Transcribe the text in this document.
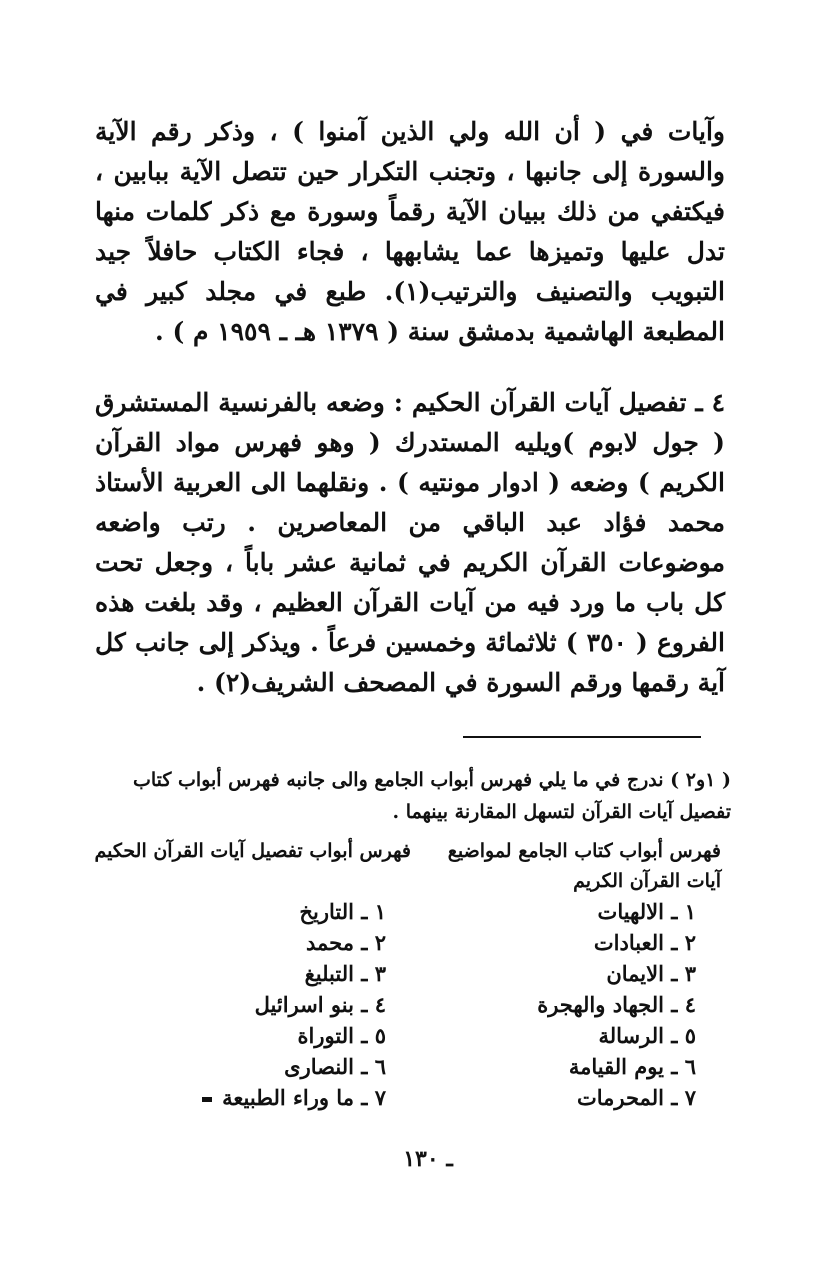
وآيات في ( أن الله ولي الذين آمنوا ) ، وذكر رقم الآية والسورة إلى جانبها ، وتجنب التكرار حين تتصل الآية ببابين ، فيكتفي من ذلك ببيان الآية رقماً وسورة مع ذكر كلمات منها تدل عليها وتميزها عما يشابهها ، فجاء الكتاب حافلاً جيد التبويب والتصنيف والترتيب(١). طبع في مجلد كبير في المطبعة الهاشمية بدمشق سنة ( ١٣٧٩ هـ ـ ١٩٥٩ م ) .

٤ ـ تفصيل آيات القرآن الحكيم : وضعه بالفرنسية المستشرق ( جول لابوم )ويليه المستدرك ( وهو فهرس مواد القرآن الكريم ) وضعه ( ادوار مونتيه ) . ونقلهما الى العربية الأستاذ محمد فؤاد عبد الباقي من المعاصرين . رتب واضعه موضوعات القرآن الكريم في ثمانية عشر باباً ، وجعل تحت كل باب ما ورد فيه من آيات القرآن العظيم ، وقد بلغت هذه الفروع ( ٣٥٠ ) ثلاثمائة وخمسين فرعاً . ويذكر إلى جانب كل آية رقمها ورقم السورة في المصحف الشريف(٢) .

( ١و٢ ) ندرج في ما يلي فهرس أبواب الجامع والى جانبه فهرس أبواب كتاب تفصيل آيات القرآن لتسهل المقارنة بينهما .

فهرس أبواب كتاب الجامع لمواضيع آيات القرآن الكريم
فهرس أبواب تفصيل آيات القرآن الحكيم
١ ـ الالهيات
٢ ـ العبادات
٣ ـ الايمان
٤ ـ الجهاد والهجرة
٥ ـ الرسالة
٦ ـ يوم القيامة
٧ ـ المحرمات
١ ـ التاريخ
٢ ـ محمد
٣ ـ التبليغ
٤ ـ بنو اسرائيل
٥ ـ التوراة
٦ ـ النصارى
٧ ـ ما وراء الطبيعة
ـ ١٣٠
